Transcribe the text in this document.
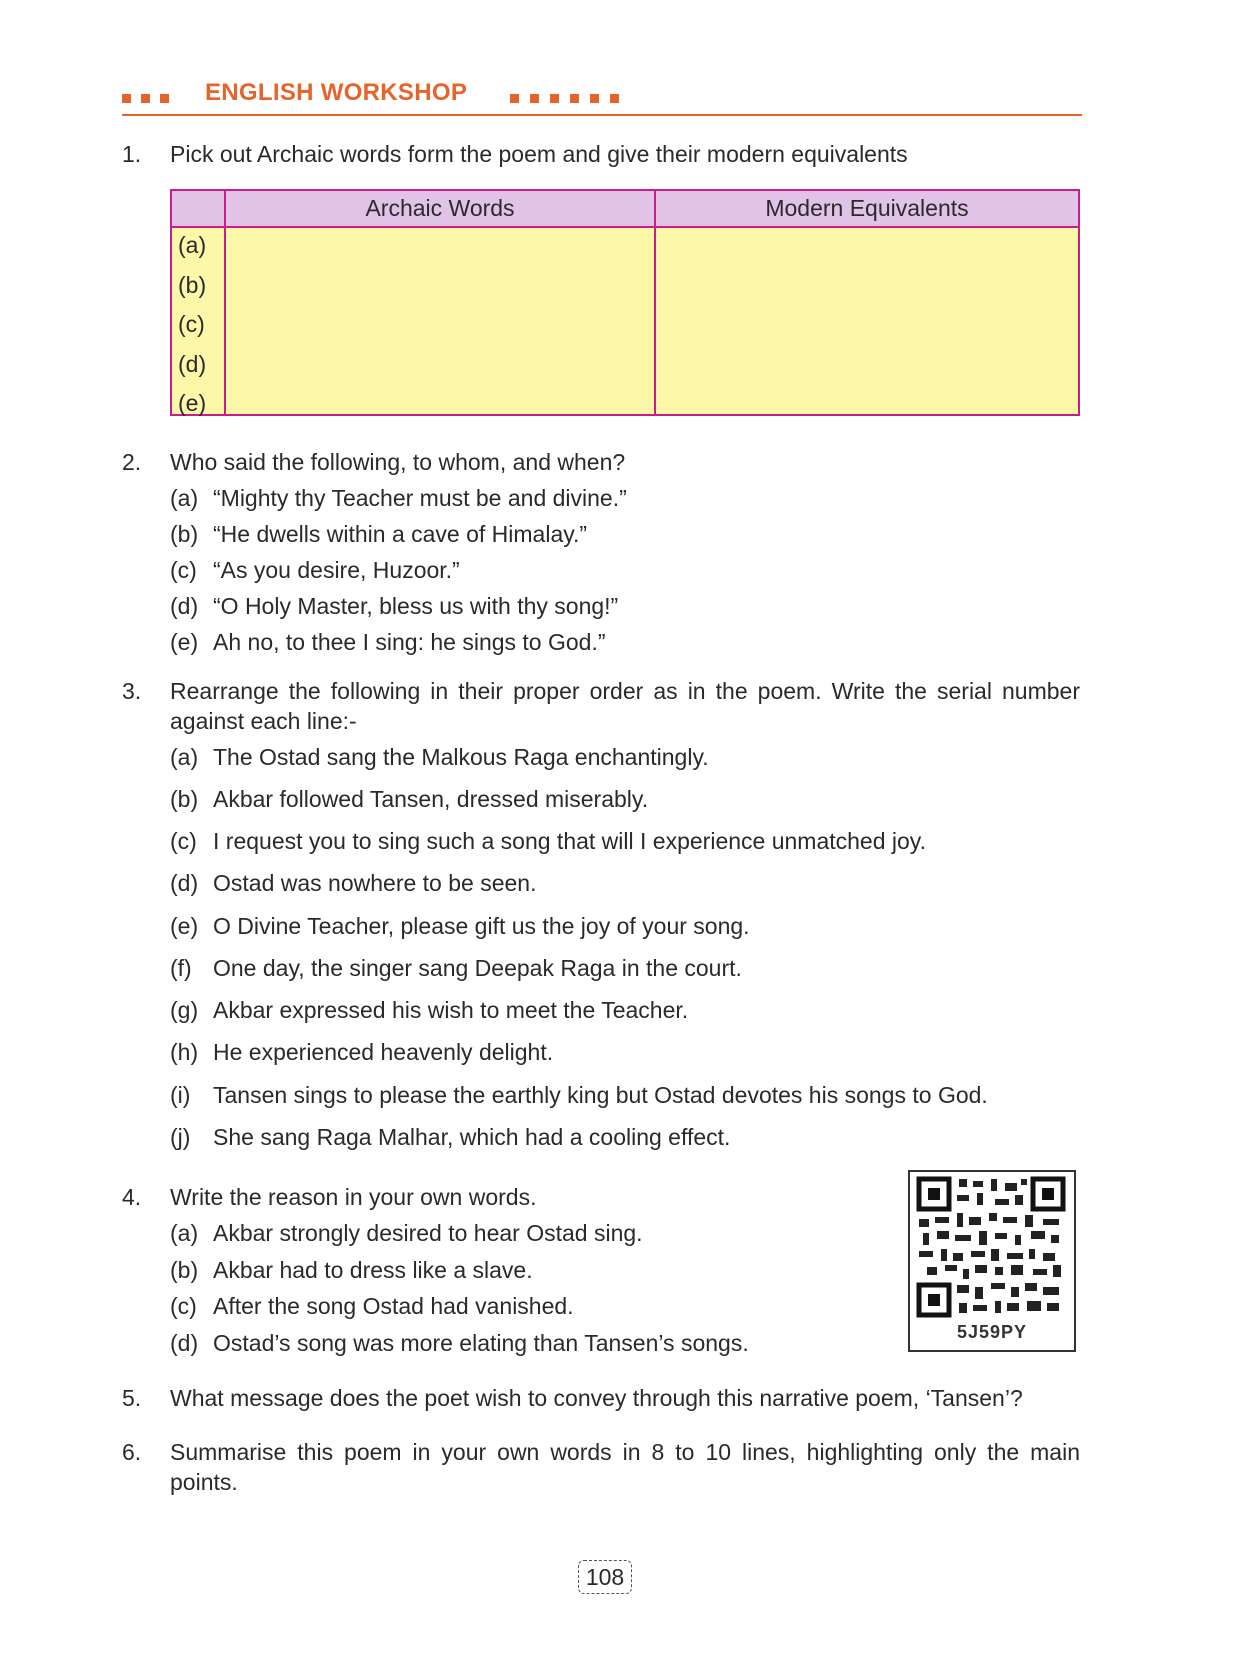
ENGLISH WORKSHOP
1. Pick out Archaic words form the poem and give their modern equivalents
	Archaic Words	Modern Equivalents

(a)
(b)
(c)
(d)
(e)
2. Who said the following, to whom, and when?
(a) “Mighty thy Teacher must be and divine.”
(b) “He dwells within a cave of Himalay.”
(c) “As you desire, Huzoor.”
(d) “O Holy Master, bless us with thy song!”
(e) Ah no, to thee I sing: he sings to God.”
3. Rearrange the following in their proper order as in the poem. Write the serial number against each line:-
(a) The Ostad sang the Malkous Raga enchantingly.
(b) Akbar followed Tansen, dressed miserably.
(c) I request you to sing such a song that will I experience unmatched joy.
(d) Ostad was nowhere to be seen.
(e) O Divine Teacher, please gift us the joy of your song.
(f) One day, the singer sang Deepak Raga in the court.
(g) Akbar expressed his wish to meet the Teacher.
(h) He experienced heavenly delight.
(i) Tansen sings to please the earthly king but Ostad devotes his songs to God.
(j) She sang Raga Malhar, which had a cooling effect.
4. Write the reason in your own words.
(a) Akbar strongly desired to hear Ostad sing.
(b) Akbar had to dress like a slave.
(c) After the song Ostad had vanished.
(d) Ostad’s song was more elating than Tansen’s songs.	5J59PY
5. What message does the poet wish to convey through this narrative poem, ‘Tansen’?
6. Summarise this poem in your own words in 8 to 10 lines, highlighting only the main points.
108
